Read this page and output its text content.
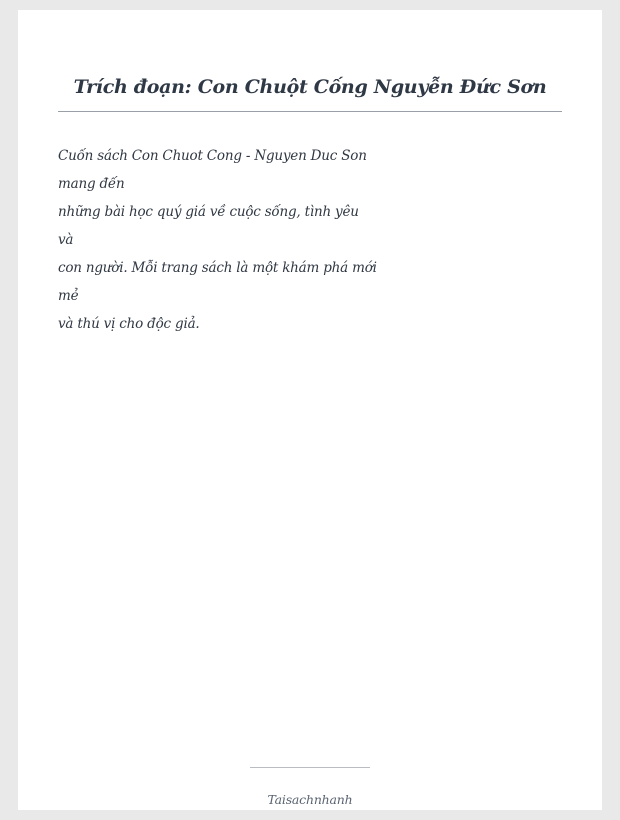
Trích đoạn: Con Chuột Cống Nguyễn Đức Sơn
Cuốn sách Con Chuot Cong - Nguyen Duc Son
mang đến
những bài học quý giá về cuộc sống, tình yêu
và
con người. Mỗi trang sách là một khám phá mới
mẻ
và thú vị cho độc giả.
Taisachnhanh
